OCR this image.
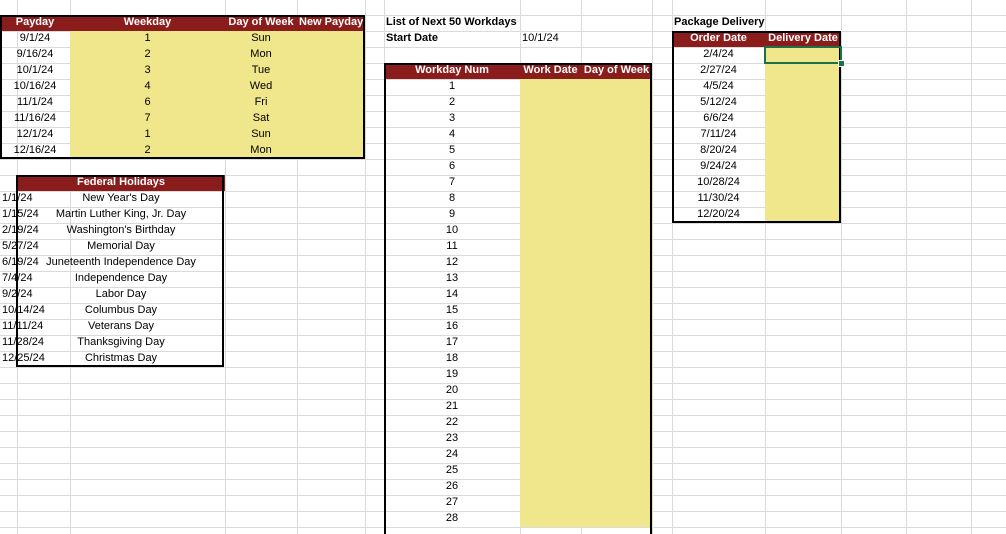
Payday	Weekday	Day of Week New Payday
9/1/24	1	Sun
9/16/24	2	Mon
10/1/24	3	Tue
10/16/24	4	Wed
11/1/24	6	Fri
11/16/24	7	Sat
12/1/24	1	Sun
12/16/24	2	Mon
Federal Holidays
1/1/24	New Year's Day
1/15/24	Martin Luther King, Jr. Day
2/19/24	Washington's Birthday
5/27/24	Memorial Day
6/19/24 Juneteenth Independence Day
7/4/24	Independence Day
9/2/24	Labor Day
10/14/24	Columbus Day
11/11/24	Veterans Day
11/28/24	Thanksgiving Day
12/25/24	Christmas Day
List of Next 50 Workdays
Start Date	10/1/24
Workday Num	Work Date Day of Week
1
2
3
4
5
6
7
8
9
10
11
12
13
14
15
16
17
18
19
20
21
22
23
24
25
26
27
28
Package Delivery
Order Date	Delivery Date
2/4/24
2/27/24
4/5/24
5/12/24
6/6/24
7/11/24
8/20/24
9/24/24
10/28/24
11/30/24
12/20/24
